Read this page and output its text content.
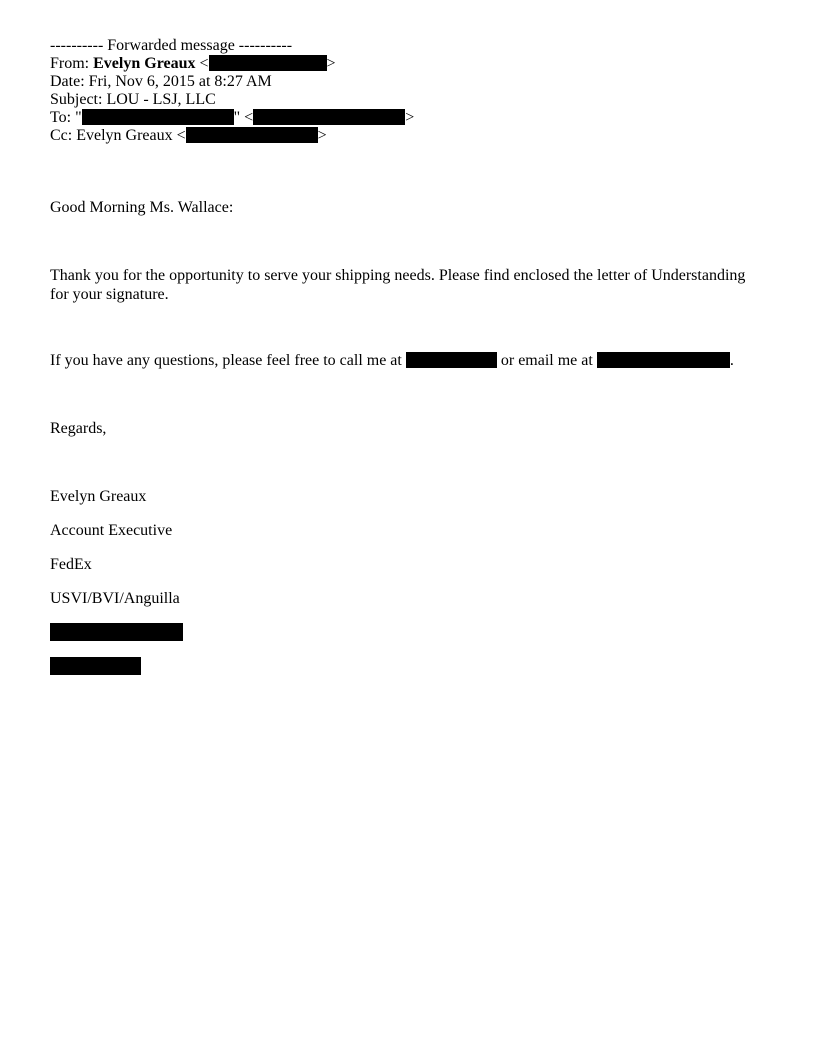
---------- Forwarded message ----------
From: Evelyn Greaux <	>
Date: Fri, Nov 6, 2015 at 8:27 AM
Subject: LOU - LSJ, LLC
To: "	" <	>
Cc: Evelyn Greaux <	>
Good Morning Ms. Wallace:
Thank you for the opportunity to serve your shipping needs. Please find enclosed the letter of Understanding for your signature.
If you have any questions, please feel free to call me at	or email me at	.
Regards,
Evelyn Greaux
Account Executive
FedEx
USVI/BVI/Anguilla
